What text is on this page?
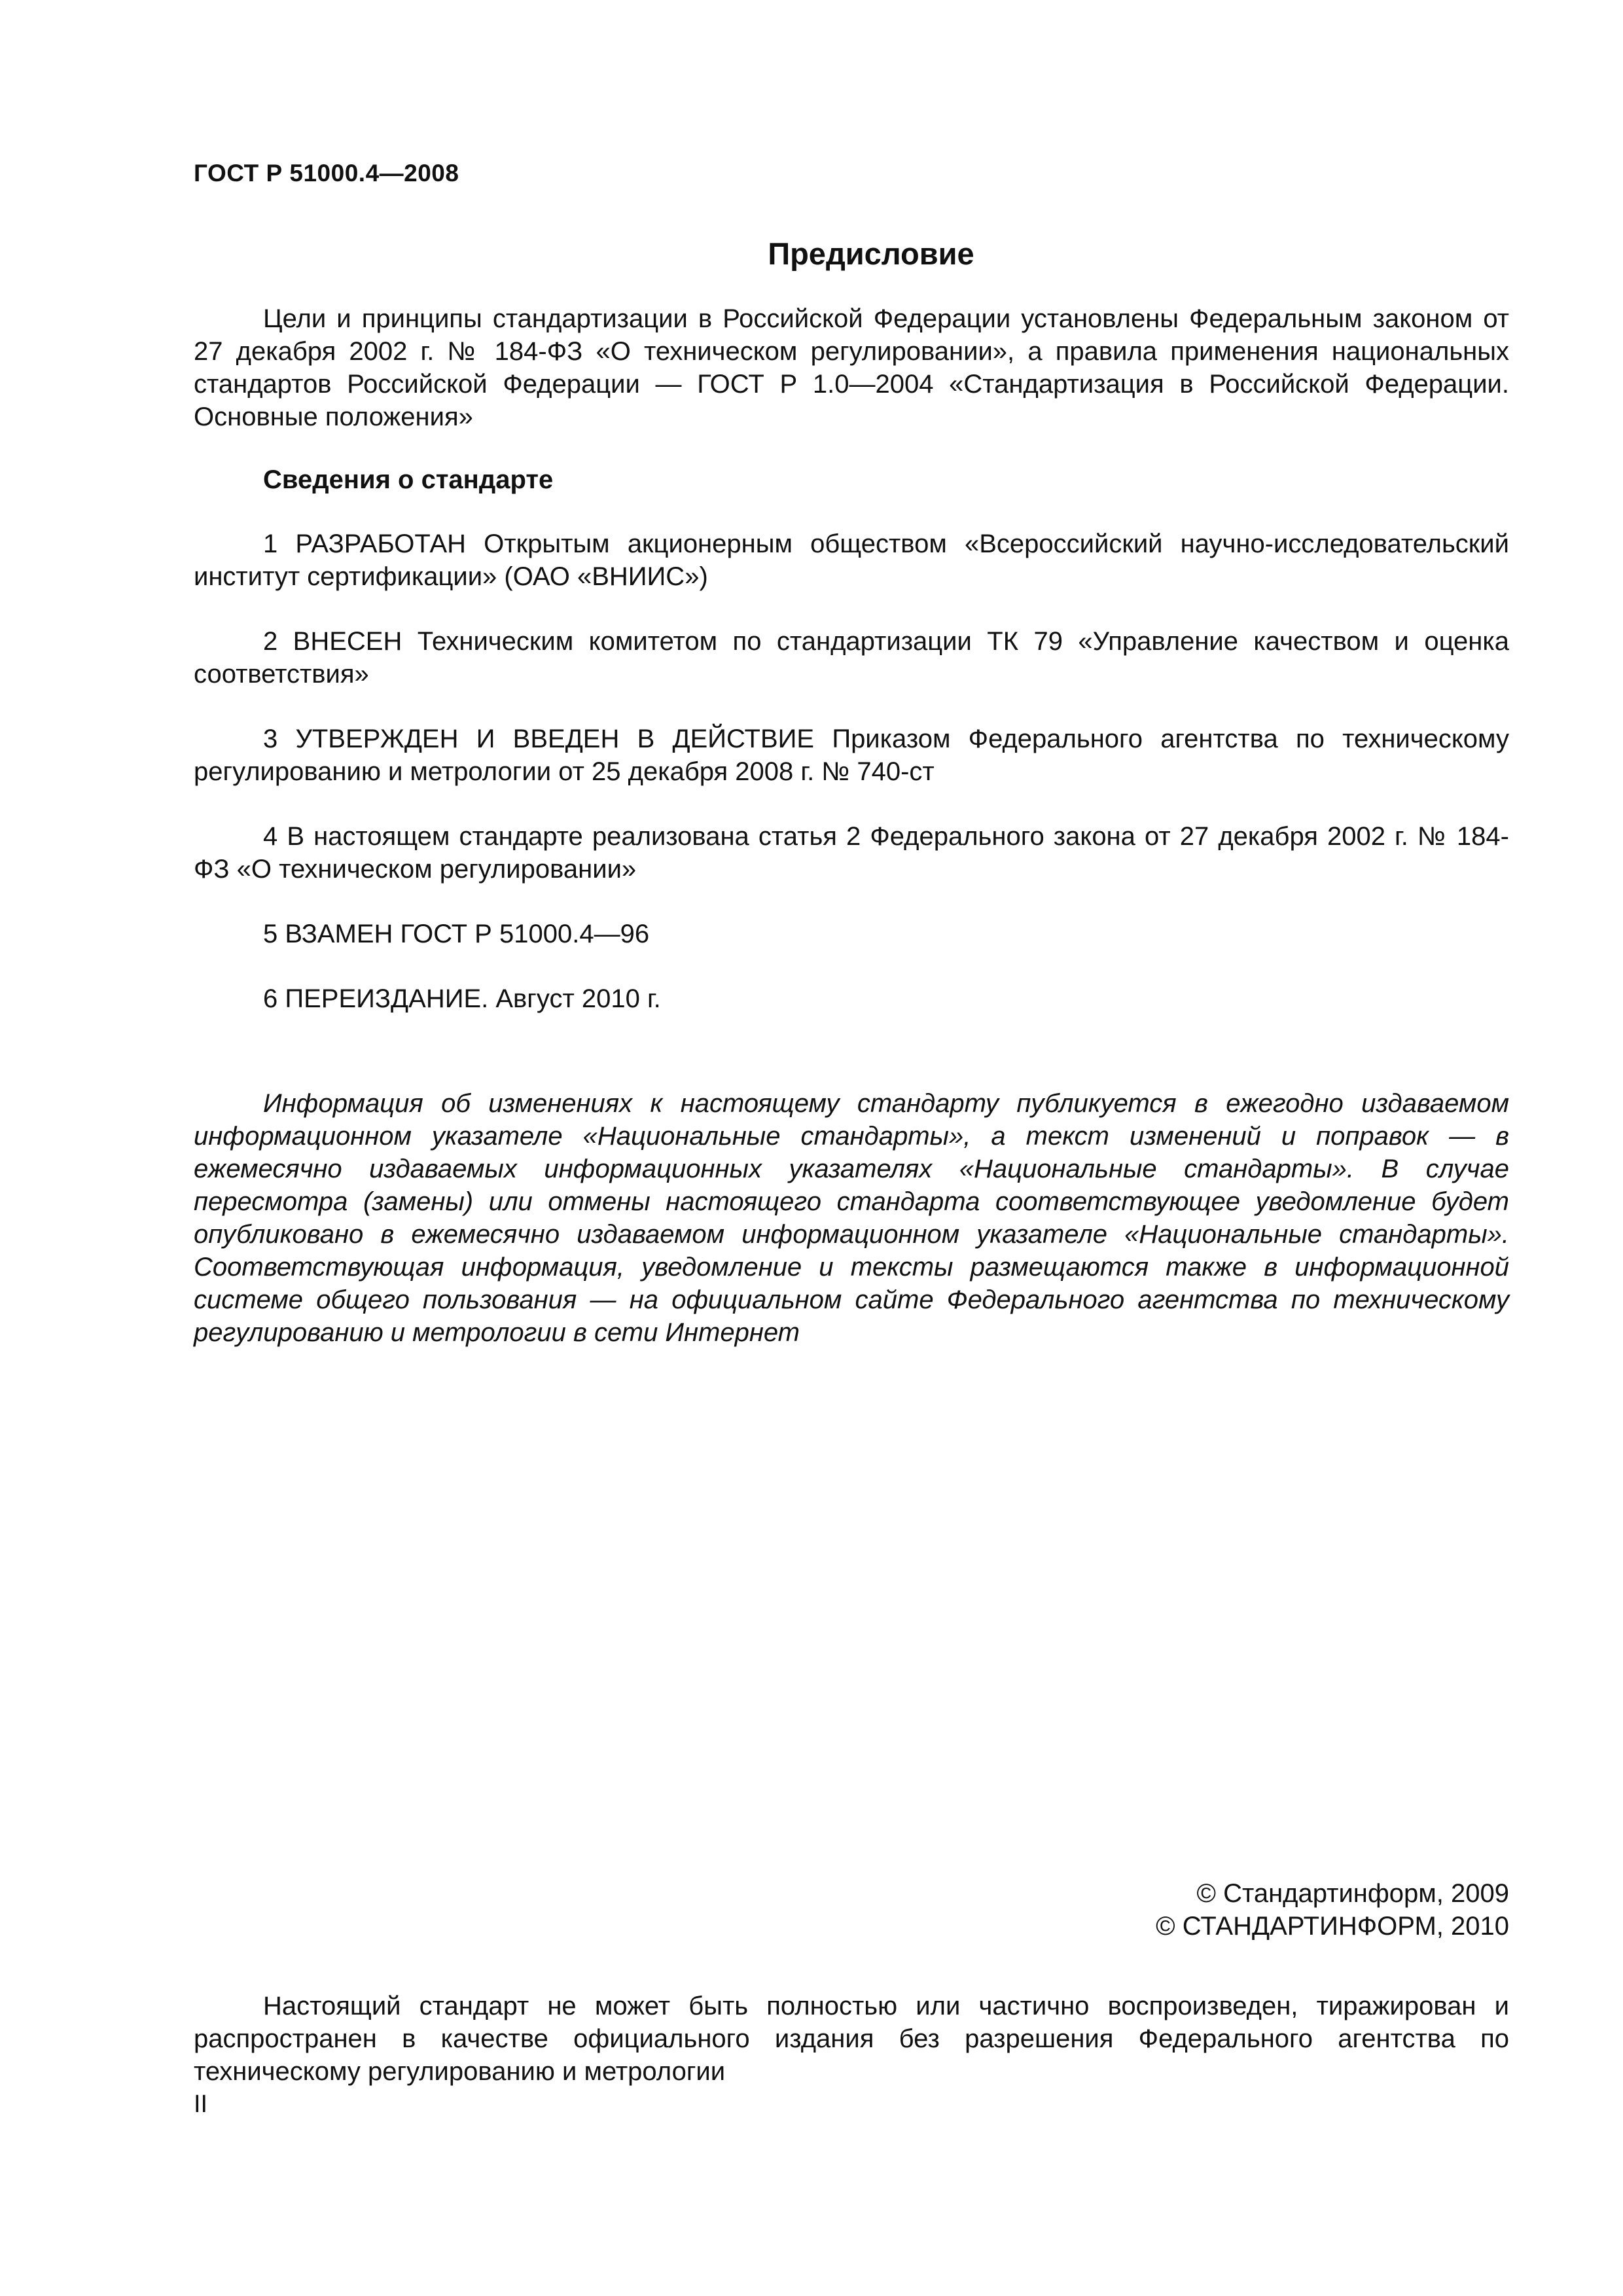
ГОСТ Р 51000.4—2008
Предисловие

Цели и принципы стандартизации в Российской Федерации установлены Федеральным законом от 27 декабря 2002 г. № 184-ФЗ «О техническом регулировании», а правила применения национальных стандартов Российской Федерации — ГОСТ Р 1.0—2004 «Стандартизация в Российской Федерации. Основные положения»

Сведения о стандарте

1 РАЗРАБОТАН Открытым акционерным обществом «Всероссийский научно-исследовательский институт сертификации» (ОАО «ВНИИС»)

2 ВНЕСЕН Техническим комитетом по стандартизации ТК 79 «Управление качеством и оценка соответствия»

3 УТВЕРЖДЕН И ВВЕДЕН В ДЕЙСТВИЕ Приказом Федерального агентства по техническому регулированию и метрологии от 25 декабря 2008 г. № 740-ст

4 В настоящем стандарте реализована статья 2 Федерального закона от 27 декабря 2002 г. № 184-ФЗ «О техническом регулировании»

5 ВЗАМЕН ГОСТ Р 51000.4—96

6 ПЕРЕИЗДАНИЕ. Август 2010 г.

Информация об изменениях к настоящему стандарту публикуется в ежегодно издаваемом информационном указателе «Национальные стандарты», а текст изменений и поправок — в ежемесячно издаваемых информационных указателях «Национальные стандарты». В случае пересмотра (замены) или отмены настоящего стандарта соответствующее уведомление будет опубликовано в ежемесячно издаваемом информационном указателе «Национальные стандарты». Соответствующая информация, уведомление и тексты размещаются также в информационной системе общего пользования — на официальном сайте Федерального агентства по техническому регулированию и метрологии в сети Интернет

© Стандартинформ, 2009
© СТАНДАРТИНФОРМ, 2010

Настоящий стандарт не может быть полностью или частично воспроизведен, тиражирован и распространен в качестве официального издания без разрешения Федерального агентства по техническому регулированию и метрологии

II
